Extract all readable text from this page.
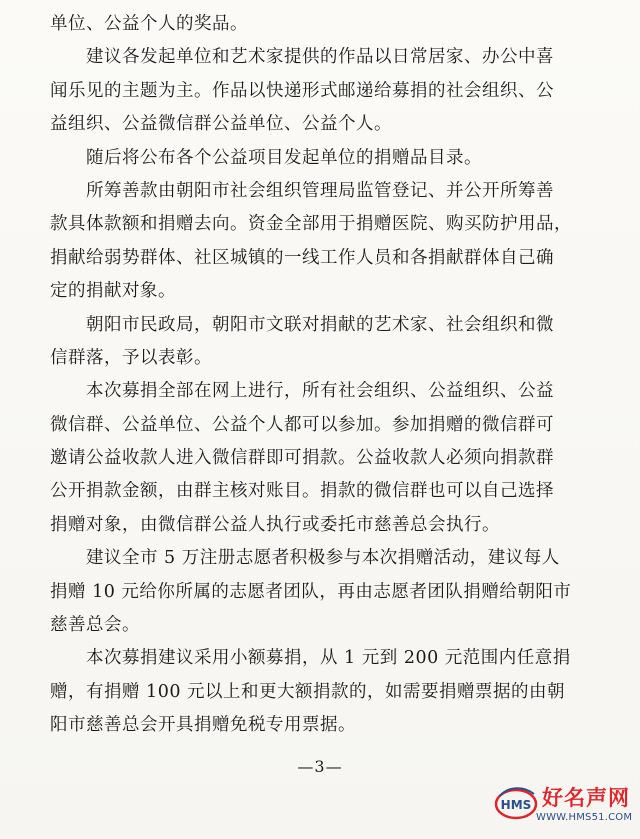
单位、公益个人的奖品。
建议各发起单位和艺术家提供的作品以日常居家、办公中喜
闻乐见的主题为主。作品以快递形式邮递给募捐的社会组织、公
益组织、公益微信群公益单位、公益个人。
随后将公布各个公益项目发起单位的捐赠品目录。
所筹善款由朝阳市社会组织管理局监管登记、并公开所筹善
款具体款额和捐赠去向。资金全部用于捐赠医院、购买防护用品，
捐献给弱势群体、社区城镇的一线工作人员和各捐献群体自己确
定的捐献对象。
朝阳市民政局，朝阳市文联对捐献的艺术家、社会组织和微
信群落，予以表彰。
本次募捐全部在网上进行，所有社会组织、公益组织、公益
微信群、公益单位、公益个人都可以参加。参加捐赠的微信群可
邀请公益收款人进入微信群即可捐款。公益收款人必须向捐款群
公开捐款金额，由群主核对账目。捐款的微信群也可以自己选择
捐赠对象，由微信群公益人执行或委托市慈善总会执行。
建议全市 5 万注册志愿者积极参与本次捐赠活动，建议每人
捐赠 10 元给你所属的志愿者团队，再由志愿者团队捐赠给朝阳市
慈善总会。
本次募捐建议采用小额募捐，从 1 元到 200 元范围内任意捐
赠，有捐赠 100 元以上和更大额捐款的，如需要捐赠票据的由朝
阳市慈善总会开具捐赠免税专用票据。
—3—
HMS 好名声网
WWW.HMS51.COM
